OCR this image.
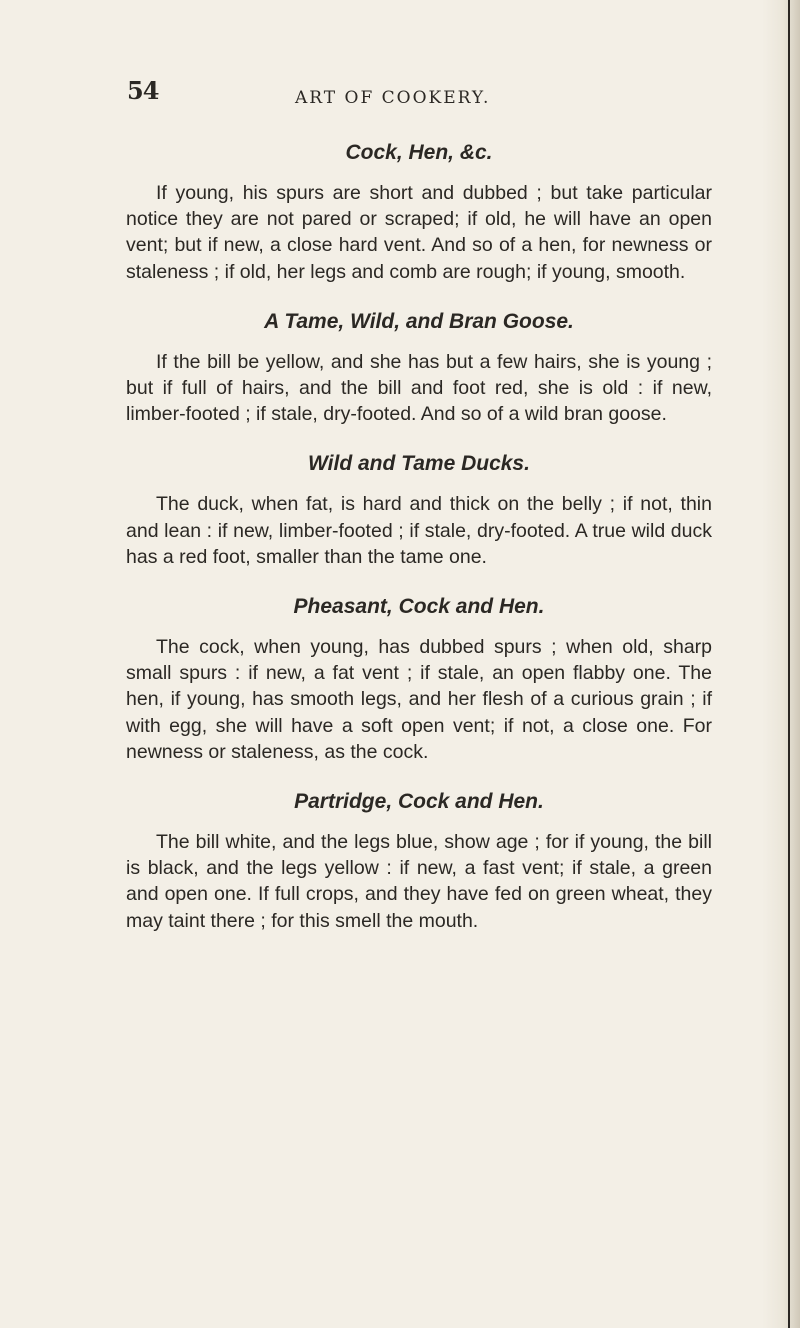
54	ART OF COOKERY.
Cock, Hen, &c.

If young, his spurs are short and dubbed ; but take particular notice they are not pared or scraped; if old, he will have an open vent; but if new, a close hard vent. And so of a hen, for newness or staleness ; if old, her legs and comb are rough; if young, smooth.

A Tame, Wild, and Bran Goose.

If the bill be yellow, and she has but a few hairs, she is young ; but if full of hairs, and the bill and foot red, she is old : if new, limber-footed ; if stale, dry-footed. And so of a wild bran goose.

Wild and Tame Ducks.

The duck, when fat, is hard and thick on the belly ; if not, thin and lean : if new, limber-footed ; if stale, dry-footed. A true wild duck has a red foot, smaller than the tame one.

Pheasant, Cock and Hen.

The cock, when young, has dubbed spurs ; when old, sharp small spurs : if new, a fat vent ; if stale, an open flabby one. The hen, if young, has smooth legs, and her flesh of a curious grain ; if with egg, she will have a soft open vent; if not, a close one. For newness or staleness, as the cock.

Partridge, Cock and Hen.

The bill white, and the legs blue, show age ; for if young, the bill is black, and the legs yellow : if new, a fast vent; if stale, a green and open one. If full crops, and they have fed on green wheat, they may taint there ; for this smell the mouth.
